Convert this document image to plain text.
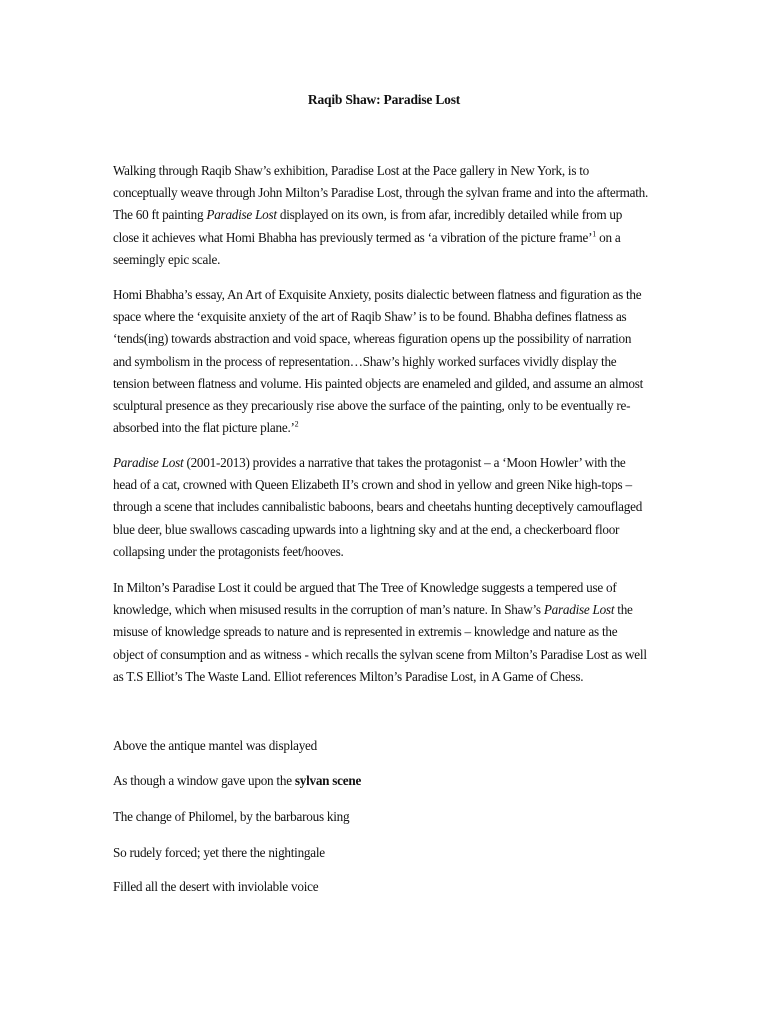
Raqib Shaw: Paradise Lost

Walking through Raqib Shaw’s exhibition, Paradise Lost at the Pace gallery in New York, is to conceptually weave through John Milton’s Paradise Lost, through the sylvan frame and into the aftermath. The 60 ft painting Paradise Lost displayed on its own, is from afar, incredibly detailed while from up close it achieves what Homi Bhabha has previously termed as ‘a vibration of the picture frame’$^1$ on a seemingly epic scale.

Homi Bhabha’s essay, An Art of Exquisite Anxiety, posits dialectic between flatness and figuration as the space where the ‘exquisite anxiety of the art of Raqib Shaw’ is to be found. Bhabha defines flatness as ‘tends(ing) towards abstraction and void space, whereas figuration opens up the possibility of narration and symbolism in the process of representation…Shaw’s highly worked surfaces vividly display the tension between flatness and volume. His painted objects are enameled and gilded, and assume an almost sculptural presence as they precariously rise above the surface of the painting, only to be eventually re-absorbed into the flat picture plane.’$^2$

Paradise Lost (2001-2013) provides a narrative that takes the protagonist – a ‘Moon Howler’ with the head of a cat, crowned with Queen Elizabeth II’s crown and shod in yellow and green Nike high-tops – through a scene that includes cannibalistic baboons, bears and cheetahs hunting deceptively camouflaged blue deer, blue swallows cascading upwards into a lightning sky and at the end, a checkerboard floor collapsing under the protagonists feet/hooves.

In Milton’s Paradise Lost it could be argued that The Tree of Knowledge suggests a tempered use of knowledge, which when misused results in the corruption of man’s nature. In Shaw’s Paradise Lost the misuse of knowledge spreads to nature and is represented in extremis – knowledge and nature as the object of consumption and as witness - which recalls the sylvan scene from Milton’s Paradise Lost as well as T.S Elliot’s The Waste Land. Elliot references Milton’s Paradise Lost, in A Game of Chess.

Above the antique mantel was displayed
As though a window gave upon the sylvan scene
The change of Philomel, by the barbarous king
So rudely forced; yet there the nightingale
Filled all the desert with inviolable voice
